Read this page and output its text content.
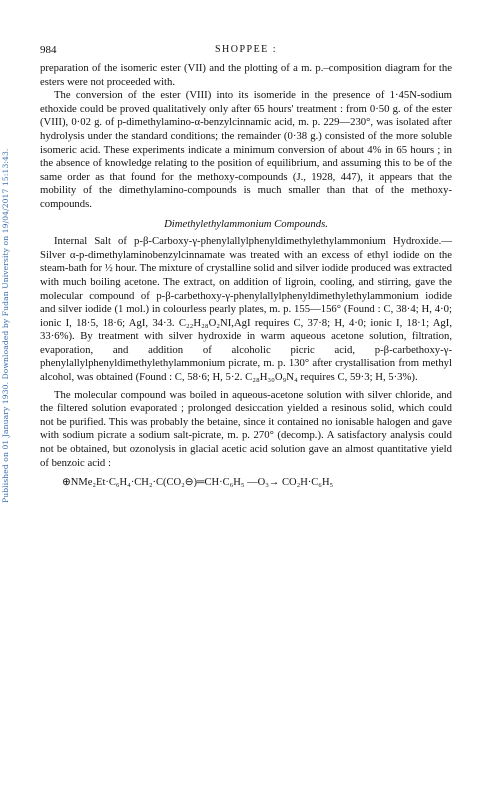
Published on 01 January 1930. Downloaded by Fudan University on 19/04/2017 15:13:43.
984	SHOPPEE :

preparation of the isomeric ester (VII) and the plotting of a m. p.–composition diagram for the esters were not proceeded with.

The conversion of the ester (VIII) into its isomeride in the presence of 1·45N-sodium ethoxide could be proved qualitatively only after 65 hours' treatment : from 0·50 g. of the ester (VIII), 0·02 g. of p-dimethylamino-α-benzylcinnamic acid, m. p. 229—230°, was isolated after hydrolysis under the standard conditions; the remainder (0·38 g.) consisted of the more soluble isomeric acid. These experiments indicate a minimum conversion of about 4% in 65 hours ; in the absence of knowledge relating to the position of equilibrium, and assuming this to be of the same order as that found for the methoxy-compounds (J., 1928, 447), it appears that the mobility of the dimethylamino-compounds is much smaller than that of the methoxy-compounds.

Dimethylethylammonium Compounds.

Internal Salt of p-β-Carboxy-γ-phenylallylphenyldimethylethylammonium Hydroxide.—Silver α-p-dimethylaminobenzylcinnamate was treated with an excess of ethyl iodide on the steam-bath for ½ hour. The mixture of crystalline solid and silver iodide produced was extracted with much boiling acetone. The extract, on addition of ligroin, cooling, and stirring, gave the molecular compound of p-β-carbethoxy-γ-phenylallylphenyldimethylethylammonium iodide and silver iodide (1 mol.) in colourless pearly plates, m. p. 155—156° (Found : C, 38·4; H, 4·0; ionic I, 18·5, 18·6; AgI, 34·3. C₂₂H₂₈O₂NI,AgI requires C, 37·8; H, 4·0; ionic I, 18·1; AgI, 33·6%). By treatment with silver hydroxide in warm aqueous acetone solution, filtration, evaporation, and addition of alcoholic picric acid, p-β-carbethoxy-γ-phenylallylphenyldimethylethylammonium picrate, m. p. 130° after crystallisation from methyl alcohol, was obtained (Found : C, 58·6; H, 5·2. C₂₈H₃₀O₉N₄ requires C, 59·3; H, 5·3%).

The molecular compound was boiled in aqueous-acetone solution with silver chloride, and the filtered solution evaporated ; prolonged desiccation yielded a resinous solid, which could not be purified. This was probably the betaine, since it contained no ionisable halogen and gave with sodium picrate a sodium salt-picrate, m. p. 270° (decomp.). A satisfactory analysis could not be obtained, but ozonolysis in glacial acetic acid solution gave an almost quantitative yield of benzoic acid :

⊕NMe₂Et·C₆H₄·CH₂·C(CO₂⊖)═CH·C₆H₅ —O₃→ CO₂H·C₆H₅
